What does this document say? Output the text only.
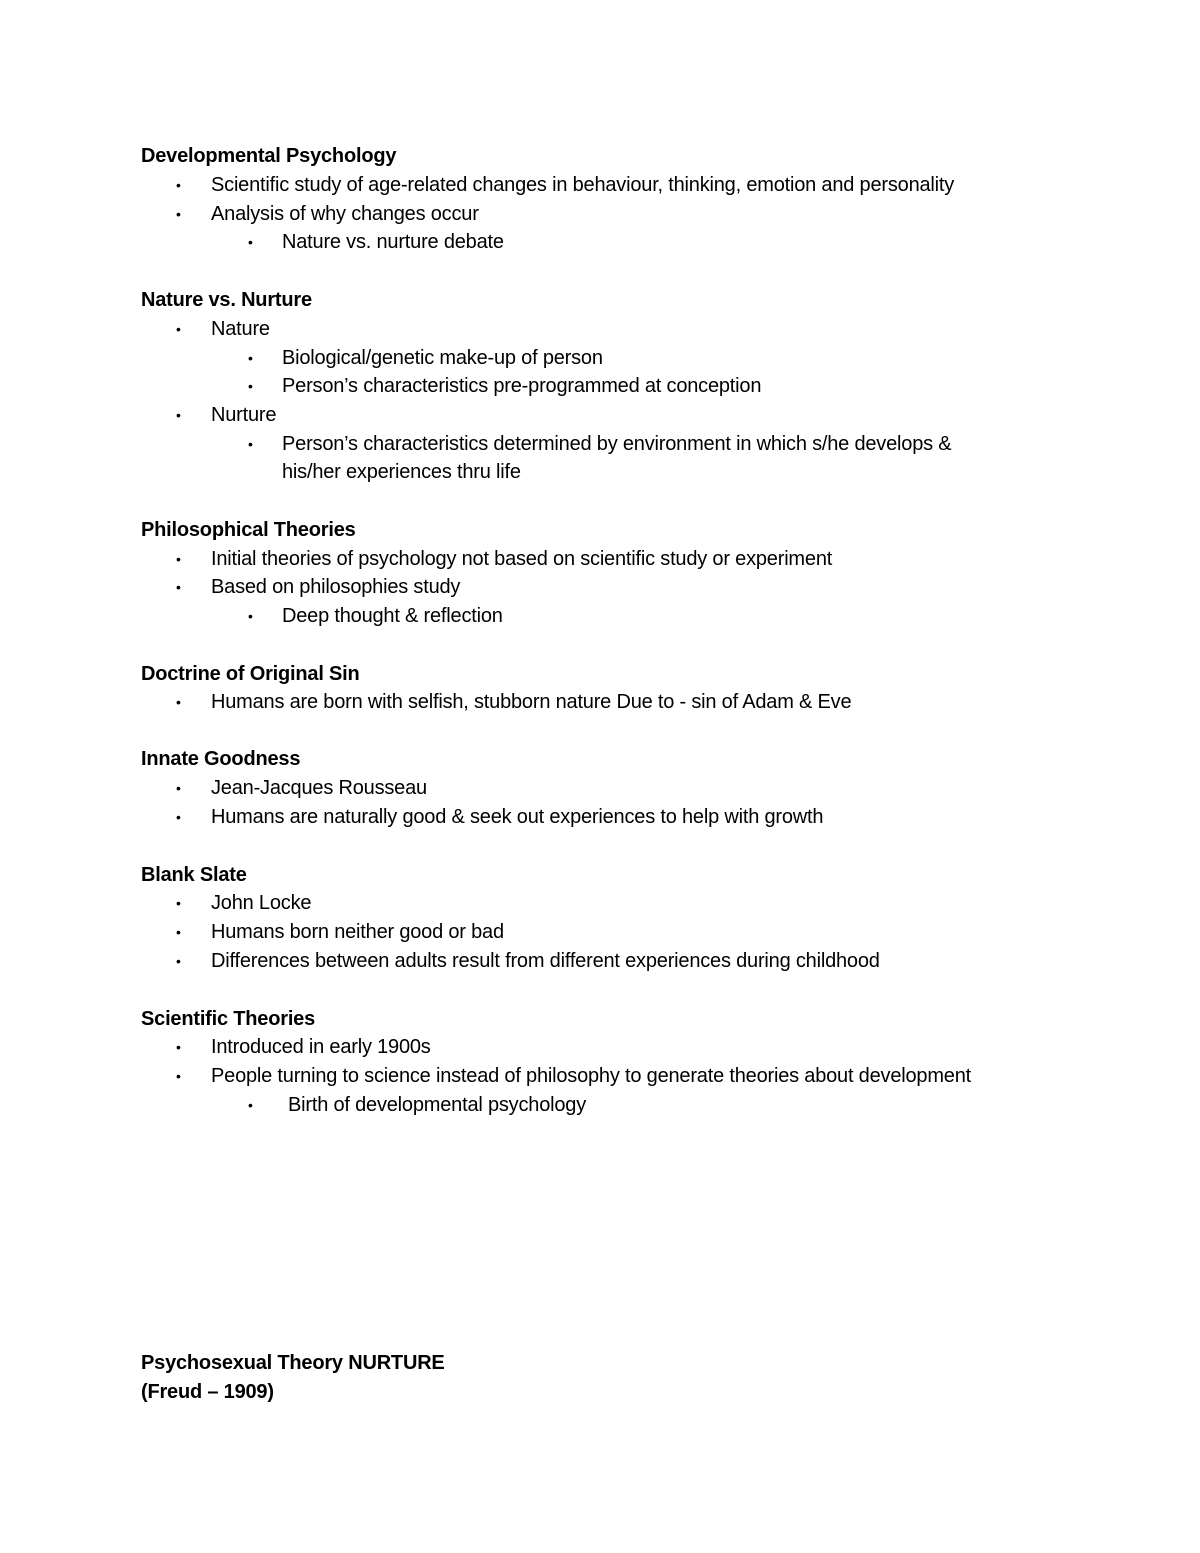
Developmental Psychology
• Scientific study of age-related changes in behaviour, thinking, emotion and personality
• Analysis of why changes occur
• Nature vs. nurture debate
Nature vs. Nurture
• Nature
• Biological/genetic make-up of person
• Person’s characteristics pre-programmed at conception
• Nurture
• Person’s characteristics determined by environment in which s/he develops &
his/her experiences thru life
Philosophical Theories
• Initial theories of psychology not based on scientific study or experiment
• Based on philosophies study
• Deep thought & reflection
Doctrine of Original Sin
• Humans are born with selfish, stubborn nature Due to - sin of Adam & Eve
Innate Goodness
• Jean-Jacques Rousseau
• Humans are naturally good & seek out experiences to help with growth
Blank Slate
• John Locke
• Humans born neither good or bad
• Differences between adults result from different experiences during childhood
Scientific Theories
• Introduced in early 1900s
• People turning to science instead of philosophy to generate theories about development
• Birth of developmental psychology
Psychosexual Theory NURTURE
(Freud – 1909)
